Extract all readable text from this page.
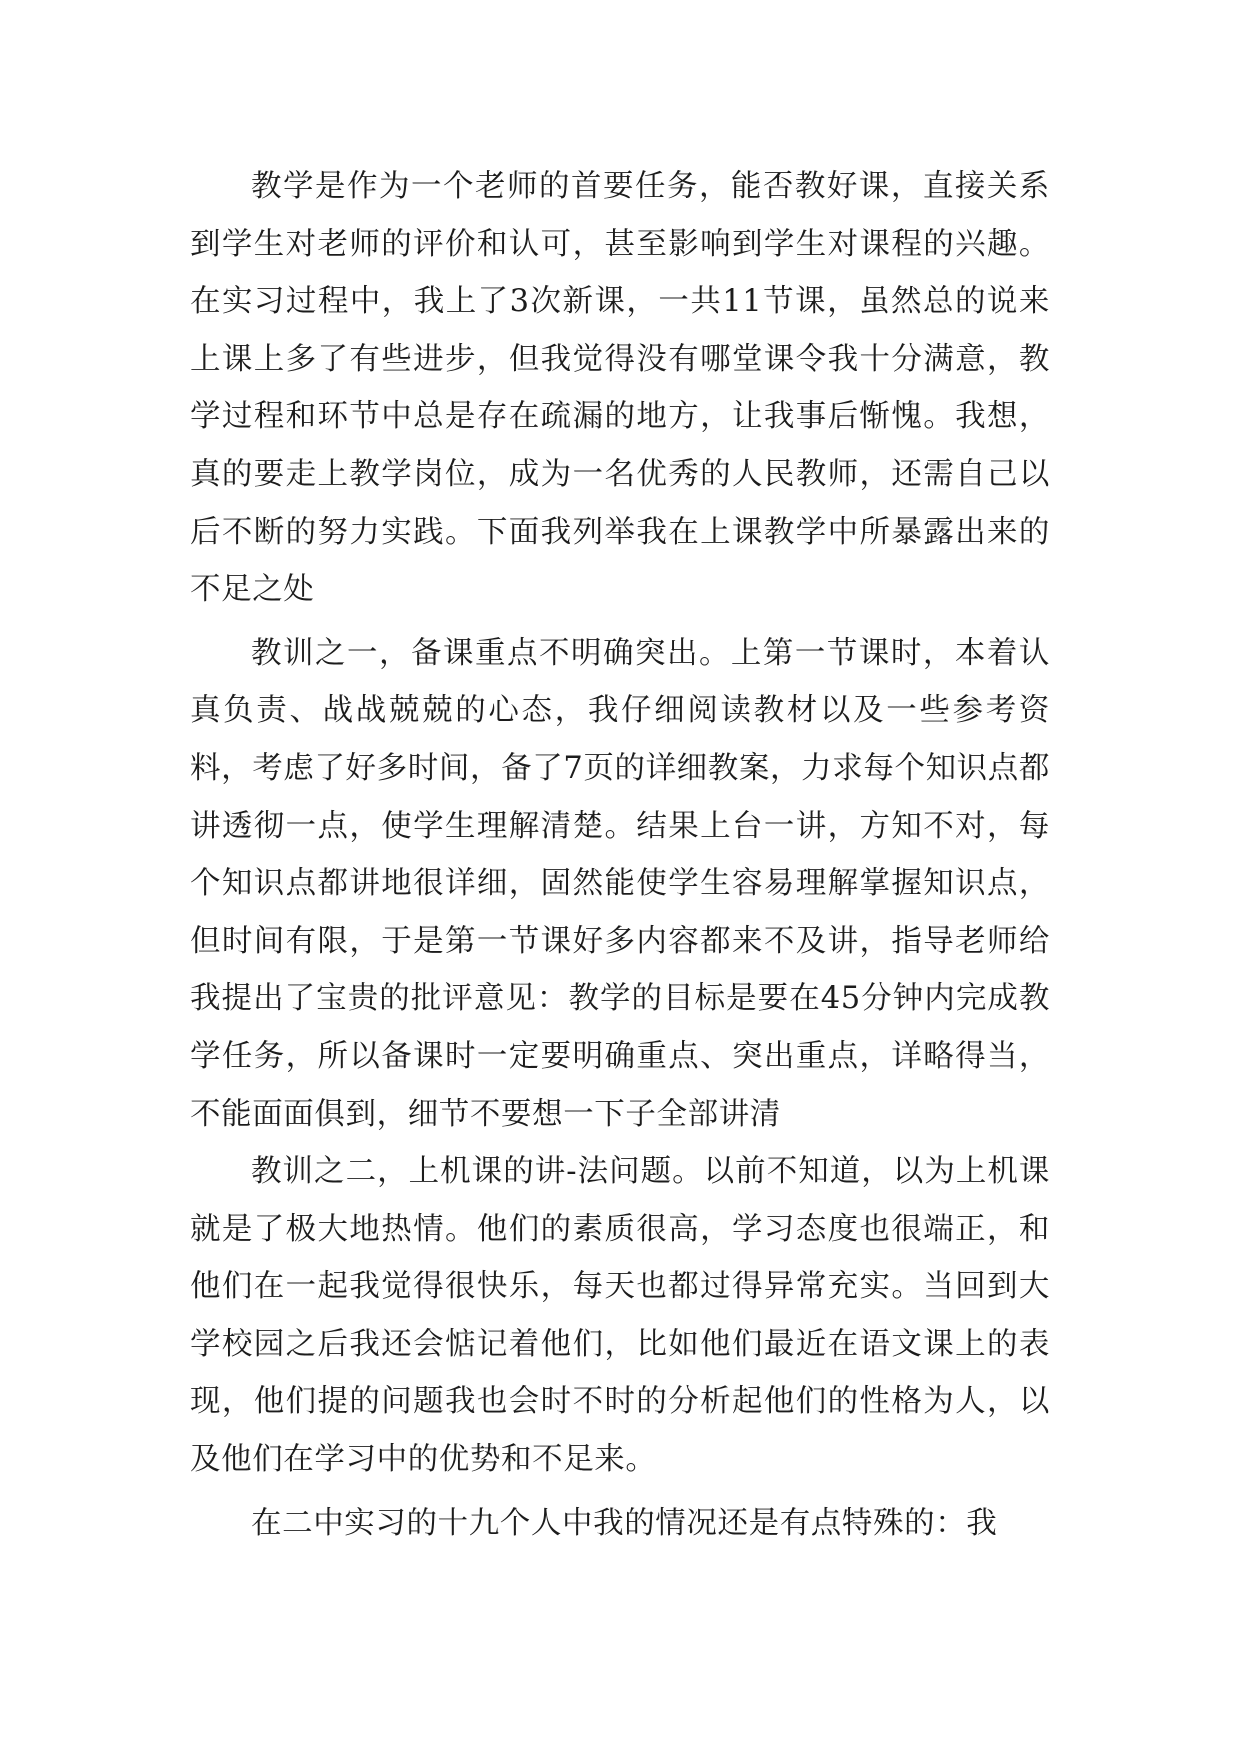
教学是作为一个老师的首要任务，能否教好课，直接关系到学生对老师的评价和认可，甚至影响到学生对课程的兴趣。在实习过程中，我上了3次新课，一共11节课，虽然总的说来上课上多了有些进步，但我觉得没有哪堂课令我十分满意，教学过程和环节中总是存在疏漏的地方，让我事后惭愧。我想，真的要走上教学岗位，成为一名优秀的人民教师，还需自己以后不断的努力实践。下面我列举我在上课教学中所暴露出来的不足之处

教训之一，备课重点不明确突出。上第一节课时，本着认真负责、战战兢兢的心态，我仔细阅读教材以及一些参考资料，考虑了好多时间，备了7页的详细教案，力求每个知识点都讲透彻一点，使学生理解清楚。结果上台一讲，方知不对，每个知识点都讲地很详细，固然能使学生容易理解掌握知识点，但时间有限，于是第一节课好多内容都来不及讲，指导老师给我提出了宝贵的批评意见：教学的目标是要在45分钟内完成教学任务，所以备课时一定要明确重点、突出重点，详略得当，不能面面俱到，细节不要想一下子全部讲清

教训之二，上机课的讲-法问题。以前不知道，以为上机课就是了极大地热情。他们的素质很高，学习态度也很端正，和他们在一起我觉得很快乐，每天也都过得异常充实。当回到大学校园之后我还会惦记着他们，比如他们最近在语文课上的表现，他们提的问题我也会时不时的分析起他们的性格为人，以及他们在学习中的优势和不足来。

在二中实习的十九个人中我的情况还是有点特殊的：我
